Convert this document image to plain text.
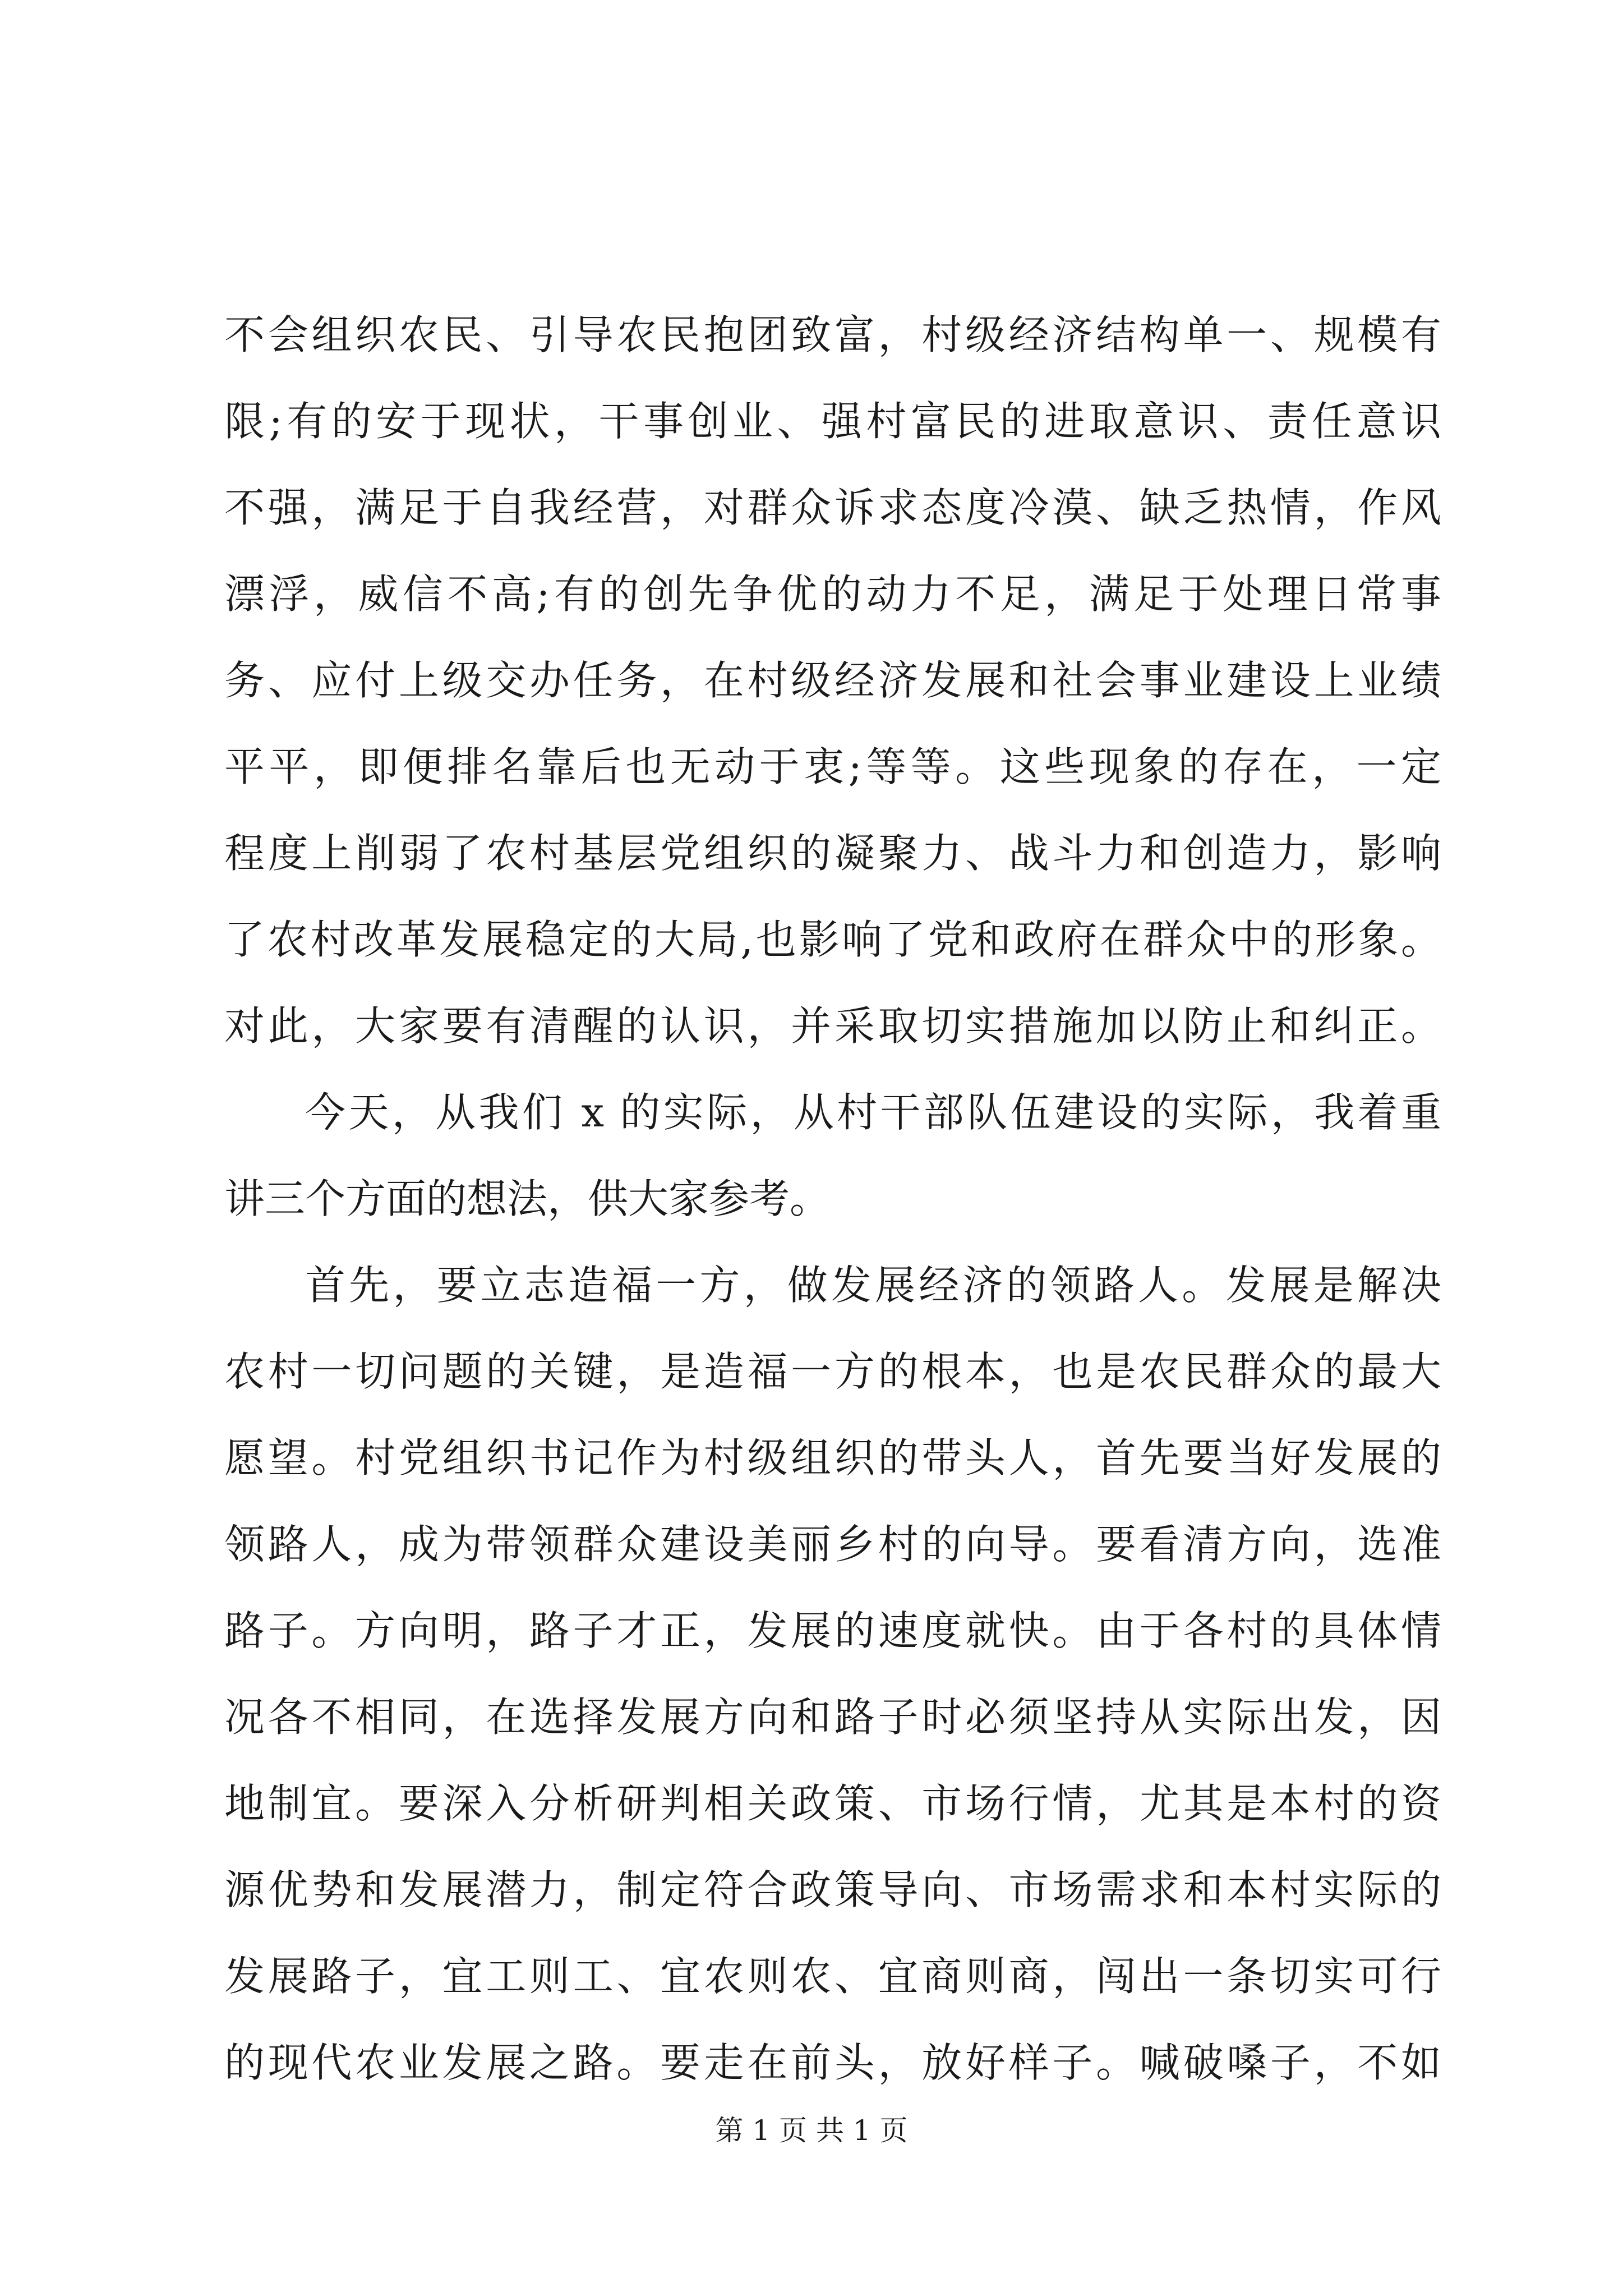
不会组织农民、引导农民抱团致富，村级经济结构单一、规模有
限;有的安于现状，干事创业、强村富民的进取意识、责任意识
不强，满足于自我经营，对群众诉求态度冷漠、缺乏热情，作风
漂浮，威信不高;有的创先争优的动力不足，满足于处理日常事
务、应付上级交办任务，在村级经济发展和社会事业建设上业绩
平平，即便排名靠后也无动于衷;等等。这些现象的存在，一定
程度上削弱了农村基层党组织的凝聚力、战斗力和创造力，影响
了农村改革发展稳定的大局,也影响了党和政府在群众中的形象。
对此，大家要有清醒的认识，并采取切实措施加以防止和纠正。
今天，从我们 x 的实际，从村干部队伍建设的实际，我着重
讲三个方面的想法，供大家参考。
首先，要立志造福一方，做发展经济的领路人。发展是解决
农村一切问题的关键，是造福一方的根本，也是农民群众的最大
愿望。村党组织书记作为村级组织的带头人，首先要当好发展的
领路人，成为带领群众建设美丽乡村的向导。要看清方向，选准
路子。方向明，路子才正，发展的速度就快。由于各村的具体情
况各不相同，在选择发展方向和路子时必须坚持从实际出发，因
地制宜。要深入分析研判相关政策、市场行情，尤其是本村的资
源优势和发展潜力，制定符合政策导向、市场需求和本村实际的
发展路子，宜工则工、宜农则农、宜商则商，闯出一条切实可行
的现代农业发展之路。要走在前头，放好样子。喊破嗓子，不如
第 1 页 共 1 页
